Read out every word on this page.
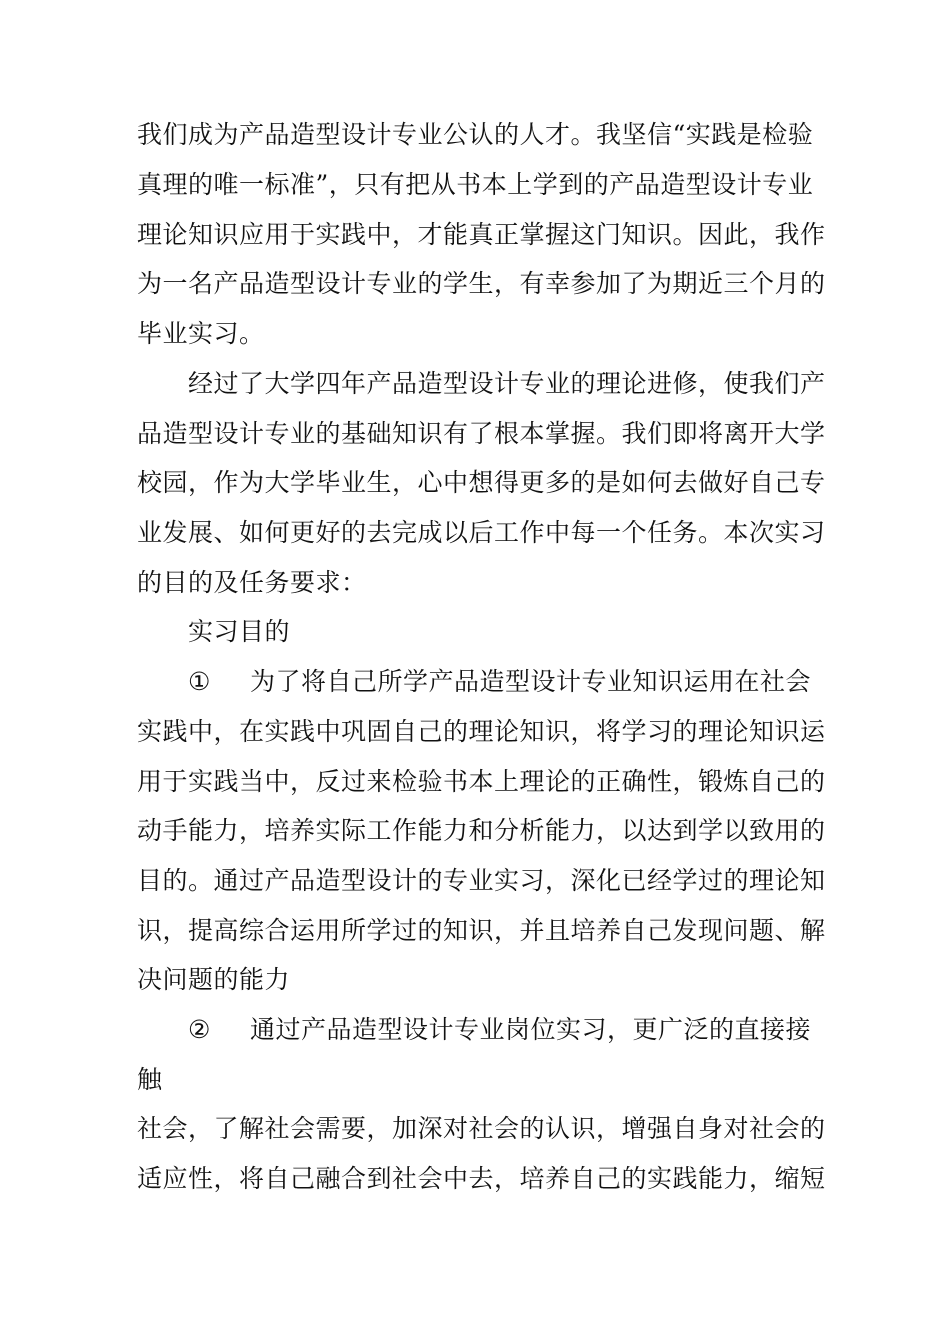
我们成为产品造型设计专业公认的人才。我坚信“实践是检验
真理的唯一标准”，只有把从书本上学到的产品造型设计专业
理论知识应用于实践中，才能真正掌握这门知识。因此，我作
为一名产品造型设计专业的学生，有幸参加了为期近三个月的
毕业实习。
经过了大学四年产品造型设计专业的理论进修，使我们产
品造型设计专业的基础知识有了根本掌握。我们即将离开大学
校园，作为大学毕业生，心中想得更多的是如何去做好自己专
业发展、如何更好的去完成以后工作中每一个任务。本次实习
的目的及任务要求：
实习目的
① 为了将自己所学产品造型设计专业知识运用在社会
实践中，在实践中巩固自己的理论知识，将学习的理论知识运
用于实践当中，反过来检验书本上理论的正确性，锻炼自己的
动手能力，培养实际工作能力和分析能力，以达到学以致用的
目的。通过产品造型设计的专业实习，深化已经学过的理论知
识，提高综合运用所学过的知识，并且培养自己发现问题、解
决问题的能力
② 通过产品造型设计专业岗位实习，更广泛的直接接
触
社会，了解社会需要，加深对社会的认识，增强自身对社会的
适应性，将自己融合到社会中去，培养自己的实践能力，缩短
